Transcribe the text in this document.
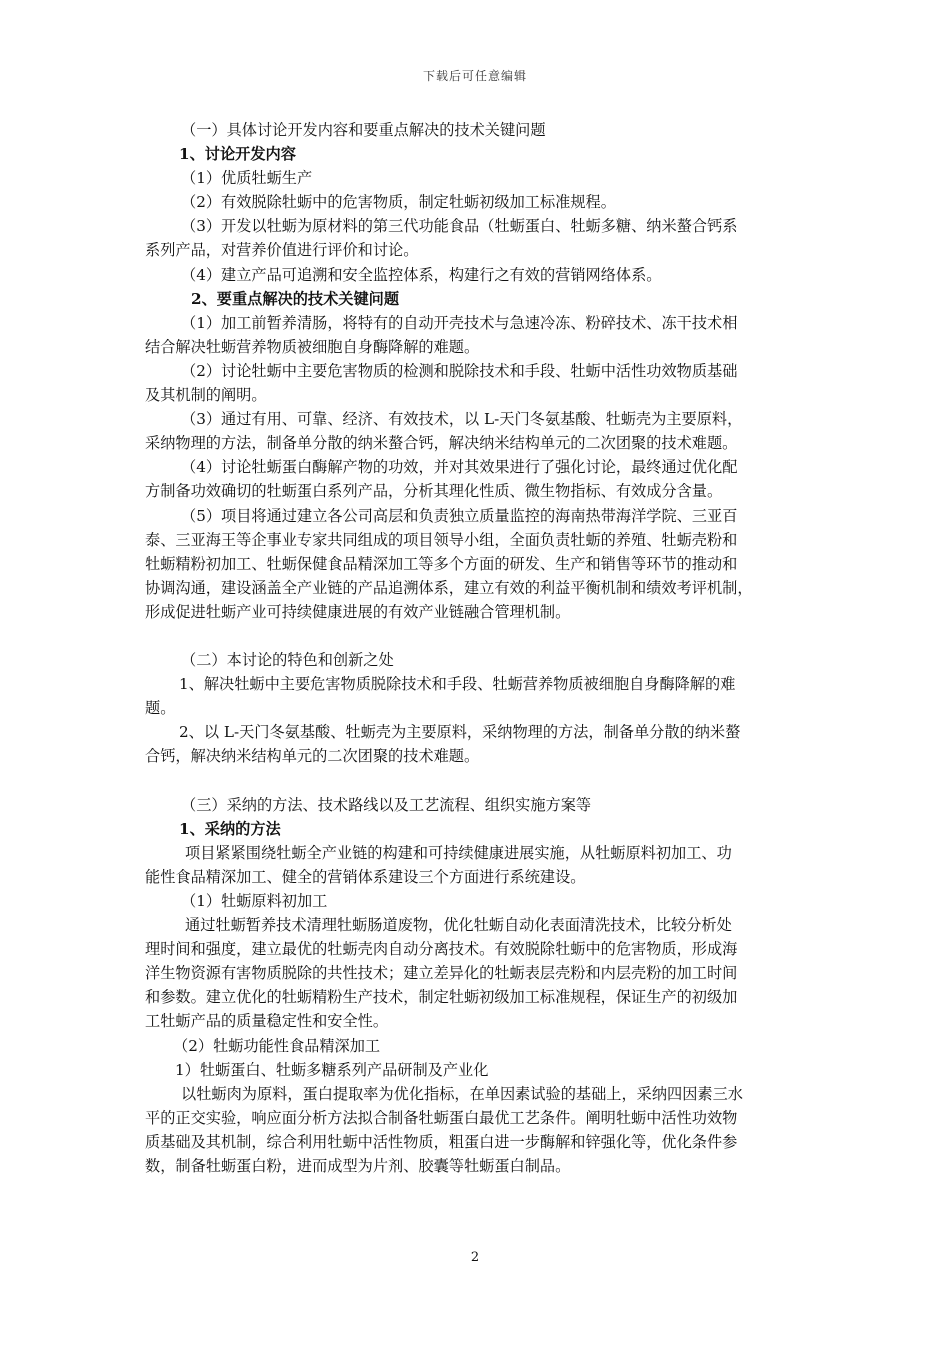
下载后可任意编辑
（一）具体讨论开发内容和要重点解决的技术关键问题
1、讨论开发内容
（1）优质牡蛎生产
（2）有效脱除牡蛎中的危害物质，制定牡蛎初级加工标准规程。
（3）开发以牡蛎为原材料的第三代功能食品（牡蛎蛋白、牡蛎多糖、纳米螯合钙系
系列产品，对营养价值进行评价和讨论。
（4）建立产品可追溯和安全监控体系，构建行之有效的营销网络体系。
2、要重点解决的技术关键问题
（1）加工前暂养清肠，将特有的自动开壳技术与急速冷冻、粉碎技术、冻干技术相
结合解决牡蛎营养物质被细胞自身酶降解的难题。
（2）讨论牡蛎中主要危害物质的检测和脱除技术和手段、牡蛎中活性功效物质基础
及其机制的阐明。
（3）通过有用、可靠、经济、有效技术，以 L-天门冬氨基酸、牡蛎壳为主要原料，
采纳物理的方法，制备单分散的纳米螯合钙，解决纳米结构单元的二次团聚的技术难题。
（4）讨论牡蛎蛋白酶解产物的功效，并对其效果进行了强化讨论，最终通过优化配
方制备功效确切的牡蛎蛋白系列产品，分析其理化性质、微生物指标、有效成分含量。
（5）项目将通过建立各公司高层和负责独立质量监控的海南热带海洋学院、三亚百
泰、三亚海王等企事业专家共同组成的项目领导小组，全面负责牡蛎的养殖、牡蛎壳粉和
牡蛎精粉初加工、牡蛎保健食品精深加工等多个方面的研发、生产和销售等环节的推动和
协调沟通，建设涵盖全产业链的产品追溯体系，建立有效的利益平衡机制和绩效考评机制，
形成促进牡蛎产业可持续健康进展的有效产业链融合管理机制。
（二）本讨论的特色和创新之处
1、解决牡蛎中主要危害物质脱除技术和手段、牡蛎营养物质被细胞自身酶降解的难
题。
2、以 L-天门冬氨基酸、牡蛎壳为主要原料，采纳物理的方法，制备单分散的纳米螯
合钙，解决纳米结构单元的二次团聚的技术难题。
（三）采纳的方法、技术路线以及工艺流程、组织实施方案等
1、采纳的方法
项目紧紧围绕牡蛎全产业链的构建和可持续健康进展实施，从牡蛎原料初加工、功
能性食品精深加工、健全的营销体系建设三个方面进行系统建设。
（1）牡蛎原料初加工
通过牡蛎暂养技术清理牡蛎肠道废物，优化牡蛎自动化表面清洗技术，比较分析处
理时间和强度，建立最优的牡蛎壳肉自动分离技术。有效脱除牡蛎中的危害物质，形成海
洋生物资源有害物质脱除的共性技术；建立差异化的牡蛎表层壳粉和内层壳粉的加工时间
和参数。建立优化的牡蛎精粉生产技术，制定牡蛎初级加工标准规程，保证生产的初级加
工牡蛎产品的质量稳定性和安全性。
（2）牡蛎功能性食品精深加工
1）牡蛎蛋白、牡蛎多糖系列产品研制及产业化
以牡蛎肉为原料，蛋白提取率为优化指标，在单因素试验的基础上，采纳四因素三水
平的正交实验，响应面分析方法拟合制备牡蛎蛋白最优工艺条件。阐明牡蛎中活性功效物
质基础及其机制，综合利用牡蛎中活性物质，粗蛋白进一步酶解和锌强化等，优化条件参
数，制备牡蛎蛋白粉，进而成型为片剂、胶囊等牡蛎蛋白制品。
2
